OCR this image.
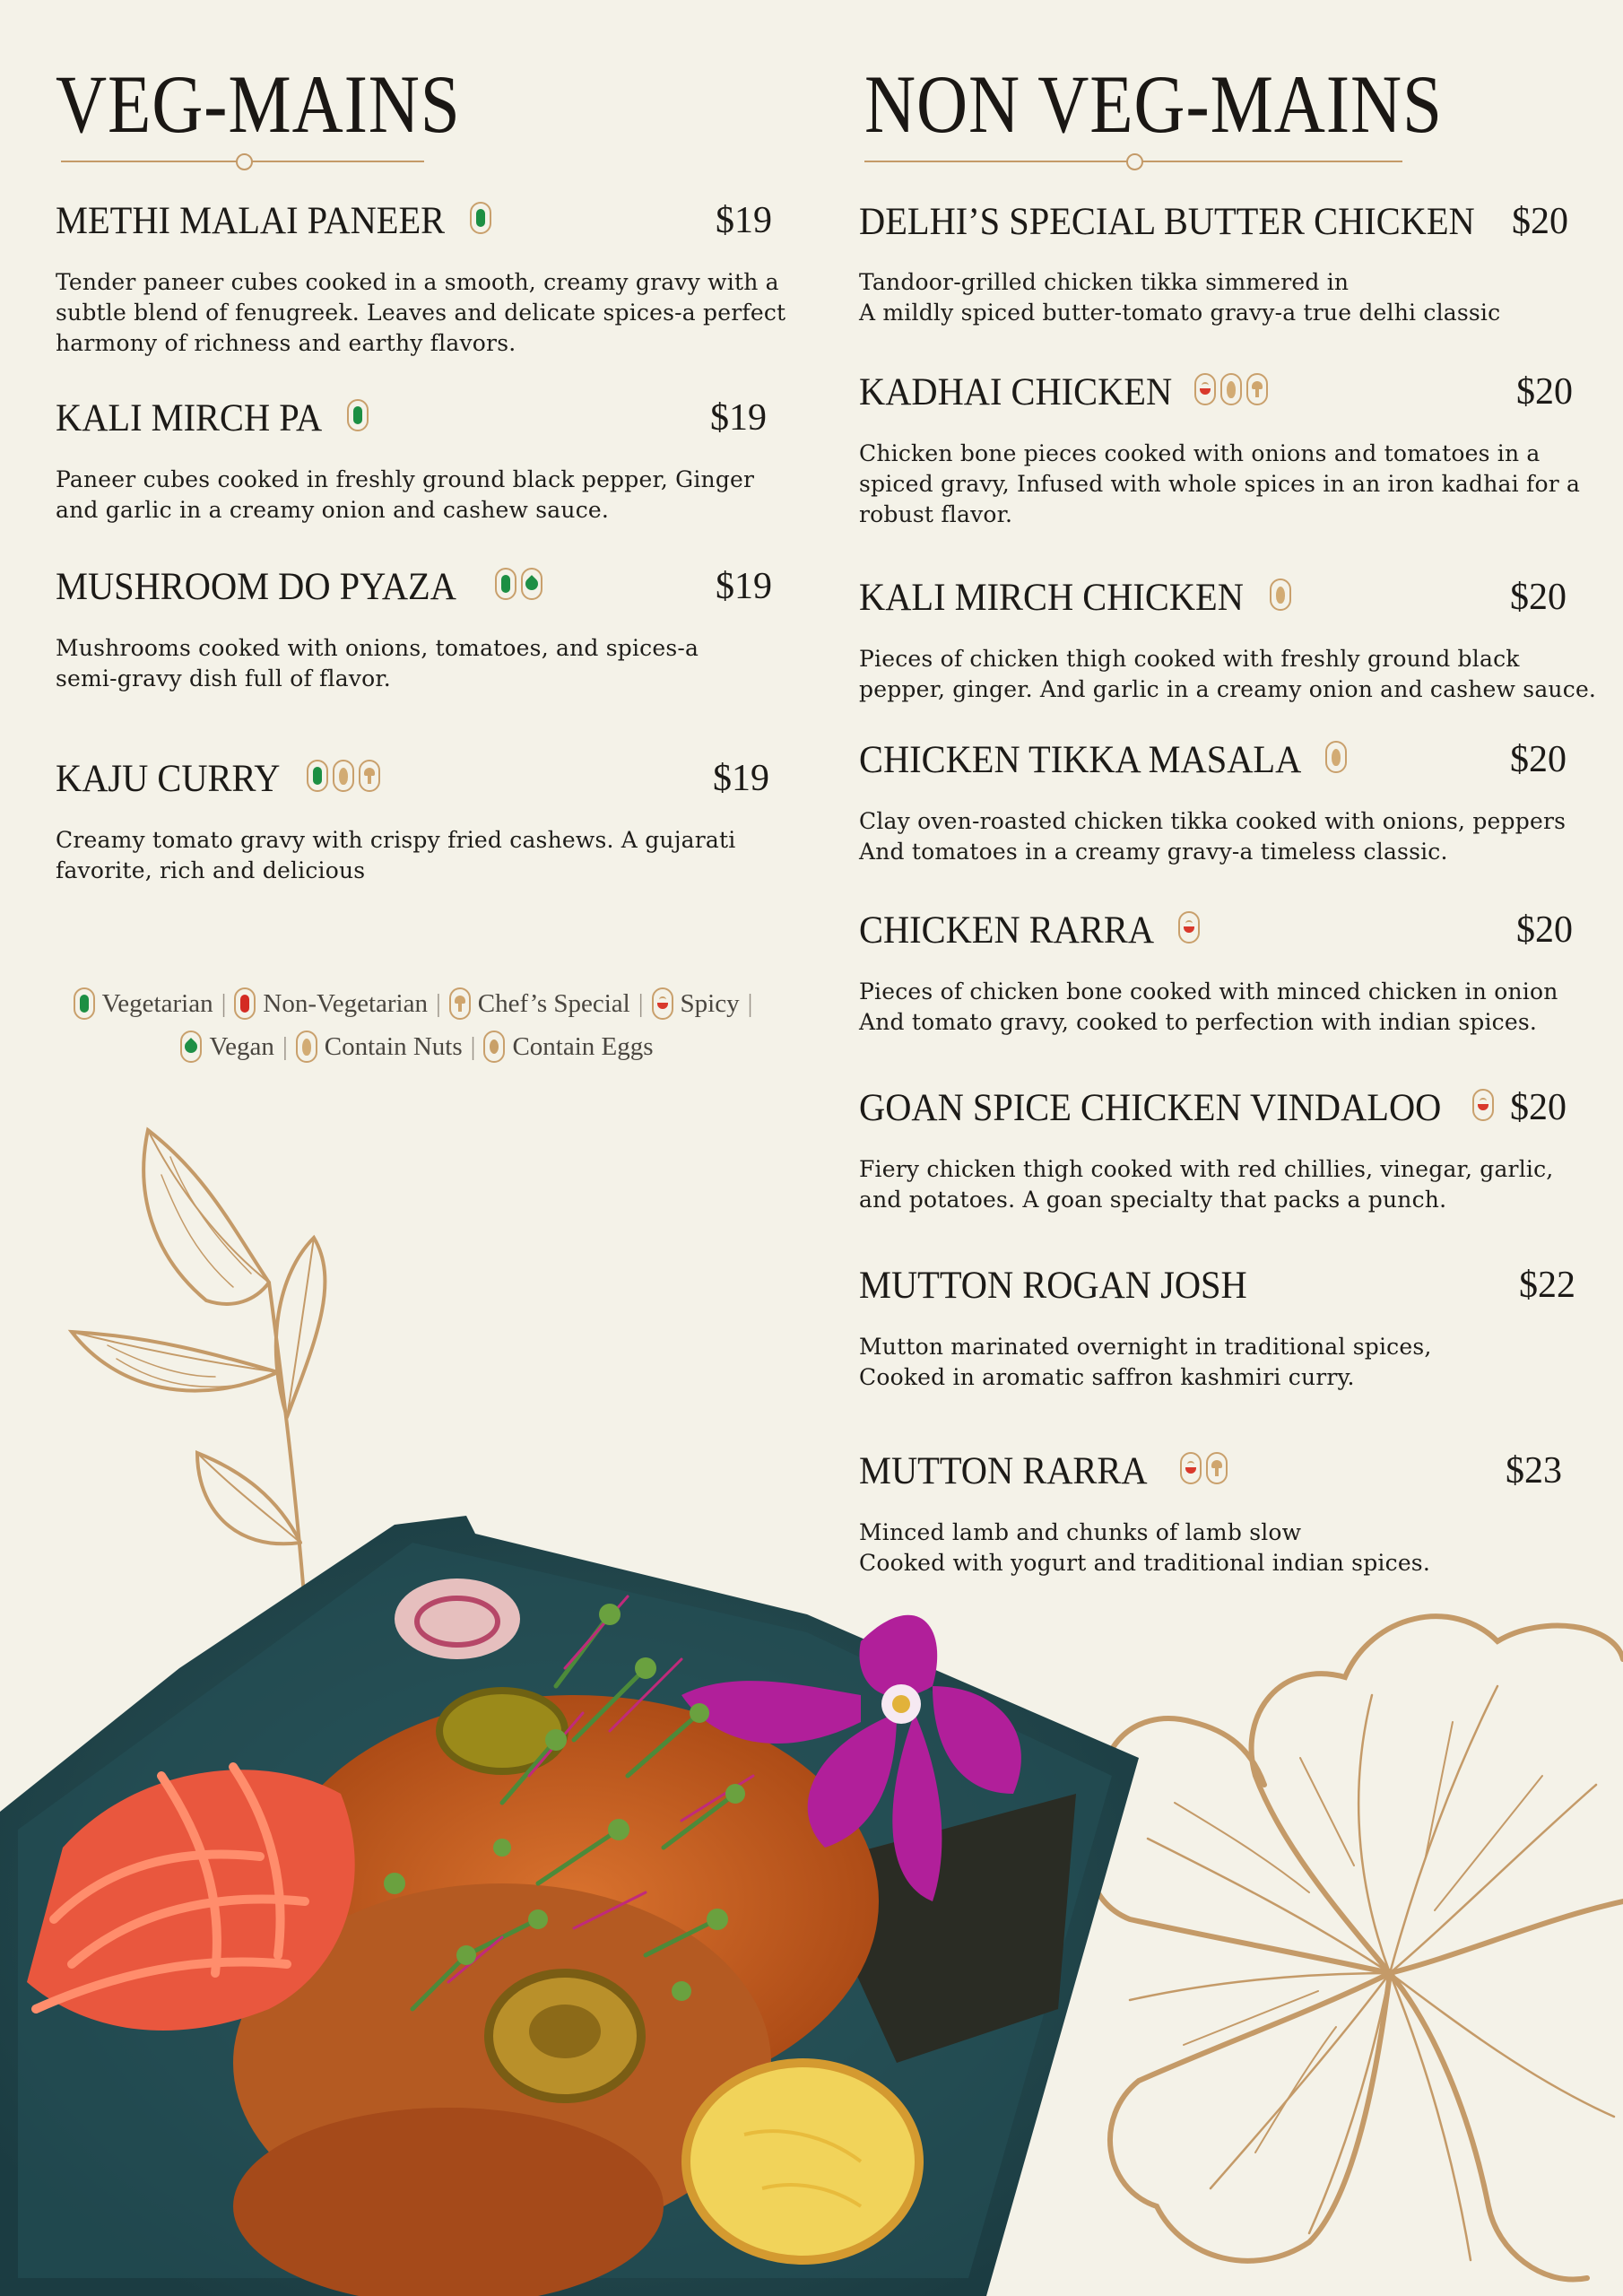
VEG-MAINS
METHI MALAI PANEER	$19

Tender paneer cubes cooked in a smooth, creamy gravy with a
subtle blend of fenugreek. Leaves and delicate spices-a perfect
harmony of richness and earthy flavors.

KALI MIRCH PA	$19

Paneer cubes cooked in freshly ground black pepper, Ginger
and garlic in a creamy onion and cashew sauce.

MUSHROOM DO PYAZA	$19

Mushrooms cooked with onions, tomatoes, and spices-a
semi-gravy dish full of flavor.

KAJU CURRY	$19

Creamy tomato gravy with crispy fried cashews. A gujarati
favorite, rich and delicious

Vegetarian | Non-Vegetarian | Chef’s Special | Spicy |
Vegan | Contain Nuts | Contain Eggs
NON VEG-MAINS
DELHI’S SPECIAL BUTTER CHICKEN $20

Tandoor-grilled chicken tikka simmered in
A mildly spiced butter-tomato gravy-a true delhi classic

KADHAI CHICKEN	$20

Chicken bone pieces cooked with onions and tomatoes in a
spiced gravy, Infused with whole spices in an iron kadhai for a
robust flavor.

KALI MIRCH CHICKEN	$20

Pieces of chicken thigh cooked with freshly ground black
pepper, ginger. And garlic in a creamy onion and cashew sauce.

CHICKEN TIKKA MASALA	$20

Clay oven-roasted chicken tikka cooked with onions, peppers
And tomatoes in a creamy gravy-a timeless classic.

CHICKEN RARRA	$20

Pieces of chicken bone cooked with minced chicken in onion
And tomato gravy, cooked to perfection with indian spices.

GOAN SPICE CHICKEN VINDALOO $20

Fiery chicken thigh cooked with red chillies, vinegar, garlic,
and potatoes. A goan specialty that packs a punch.

MUTTON ROGAN JOSH	$22

Mutton marinated overnight in traditional spices,
Cooked in aromatic saffron kashmiri curry.

MUTTON RARRA	$23

Minced lamb and chunks of lamb slow
Cooked with yogurt and traditional indian spices.
